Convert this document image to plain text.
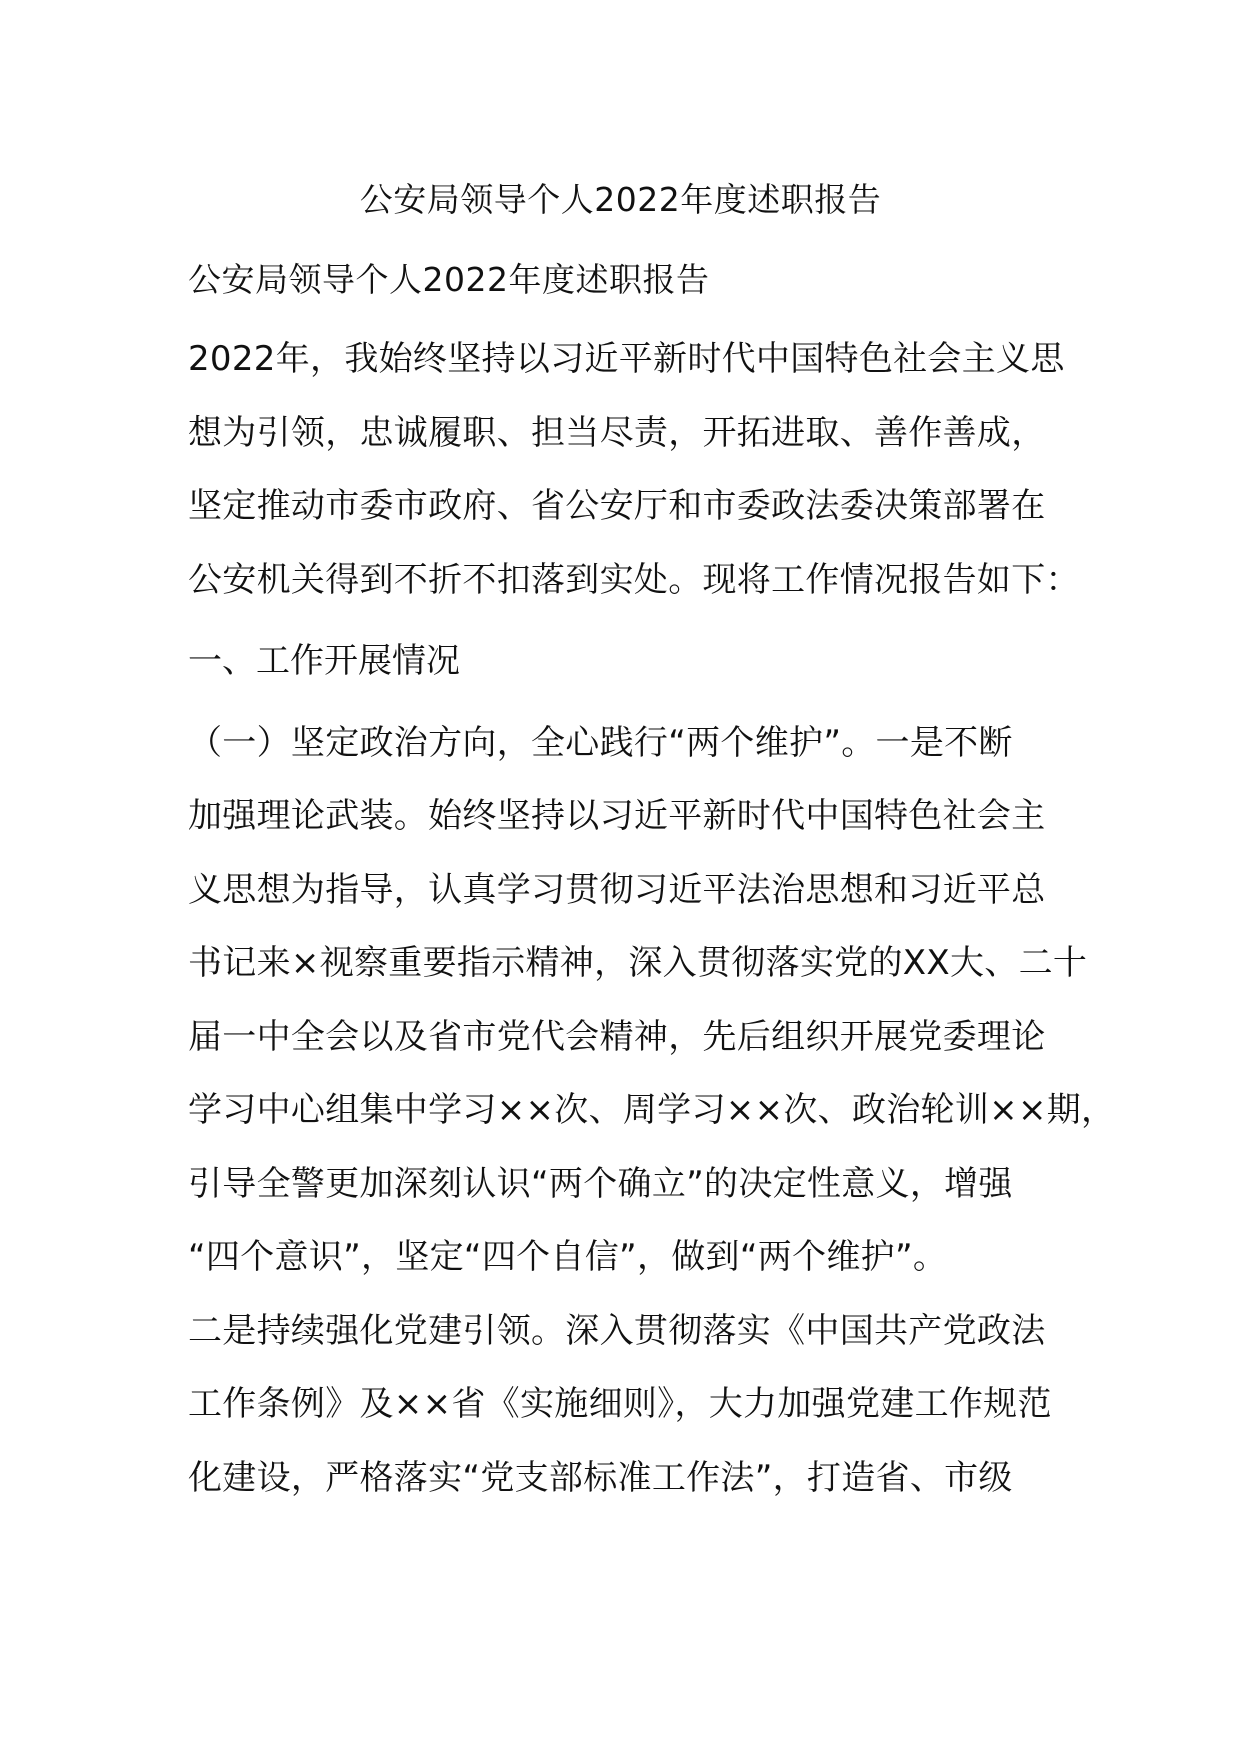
公安局领导个人2022年度述职报告
公安局领导个人2022年度述职报告
2022年，我始终坚持以习近平新时代中国特色社会主义思
想为引领，忠诚履职、担当尽责，开拓进取、善作善成，
坚定推动市委市政府、省公安厅和市委政法委决策部署在
公安机关得到不折不扣落到实处。现将工作情况报告如下：
一、工作开展情况
（一）坚定政治方向，全心践行“两个维护”。一是不断
加强理论武装。始终坚持以习近平新时代中国特色社会主
义思想为指导，认真学习贯彻习近平法治思想和习近平总
书记来×视察重要指示精神，深入贯彻落实党的XX大、二十
届一中全会以及省市党代会精神，先后组织开展党委理论
学习中心组集中学习××次、周学习××次、政治轮训××期，
引导全警更加深刻认识“两个确立”的决定性意义，增强
“四个意识”，坚定“四个自信”，做到“两个维护”。
二是持续强化党建引领。深入贯彻落实《中国共产党政法
工作条例》及××省《实施细则》，大力加强党建工作规范
化建设，严格落实“党支部标准工作法”，打造省、市级
